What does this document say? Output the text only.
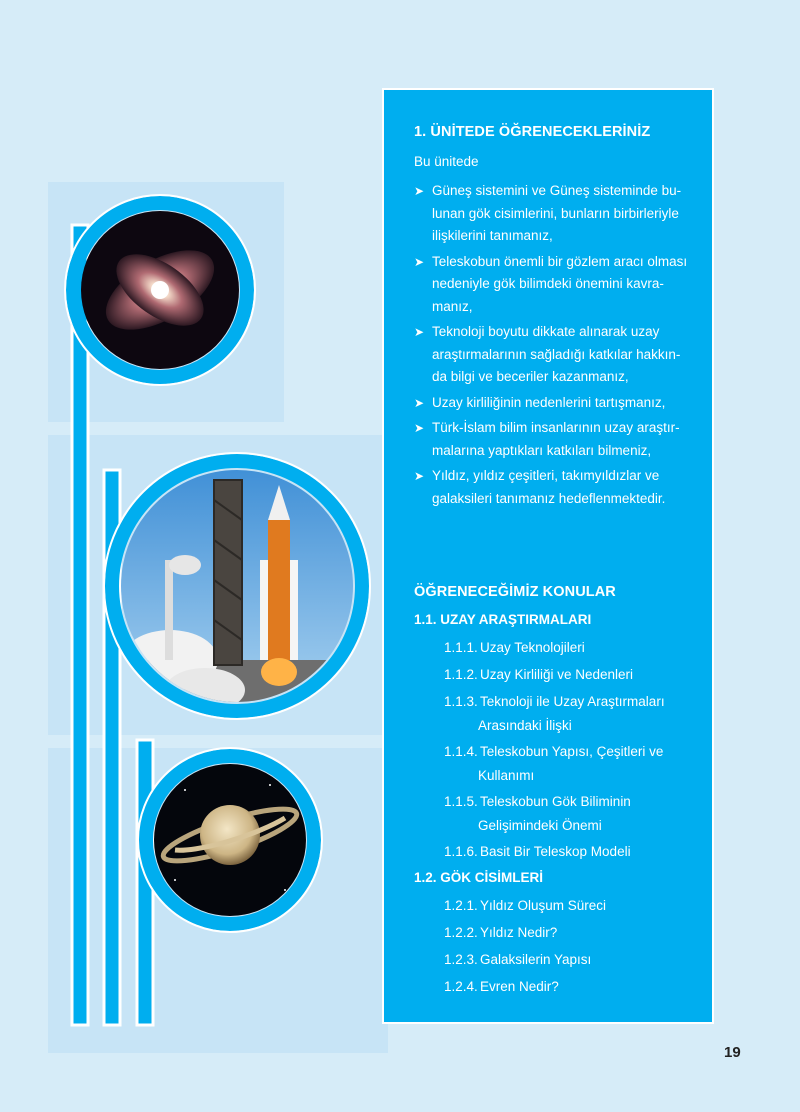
1. ÜNİTEDE ÖĞRENECEKLERİNİZ
Bu ünitede
➤ Güneş sistemini ve Güneş sisteminde bu-
lunan gök cisimlerini, bunların birbirleriyle
ilişkilerini tanımanız,
➤ Teleskobun önemli bir gözlem aracı olması
nedeniyle gök bilimdeki önemini kavra-
manız,
➤ Teknoloji boyutu dikkate alınarak uzay
araştırmalarının sağladığı katkılar hakkın-
da bilgi ve beceriler kazanmanız,
➤ Uzay kirliliğinin nedenlerini tartışmanız,
➤ Türk-İslam bilim insanlarının uzay araştır-
malarına yaptıkları katkıları bilmeniz,
➤ Yıldız, yıldız çeşitleri, takımyıldızlar ve
galaksileri tanımanız hedeflenmektedir.
ÖĞRENECEĞİMİZ KONULAR
1.1. UZAY ARAŞTIRMALARI
1.1.1. Uzay Teknolojileri
1.1.2. Uzay Kirliliği ve Nedenleri
1.1.3. Teknoloji ile Uzay Araştırmaları
Arasındaki İlişki
1.1.4. Teleskobun Yapısı, Çeşitleri ve
Kullanımı
1.1.5. Teleskobun Gök Biliminin
Gelişimindeki Önemi
1.1.6. Basit Bir Teleskop Modeli
1.2. GÖK CİSİMLERİ
1.2.1. Yıldız Oluşum Süreci
1.2.2. Yıldız Nedir?
1.2.3. Galaksilerin Yapısı
1.2.4. Evren Nedir?
19
